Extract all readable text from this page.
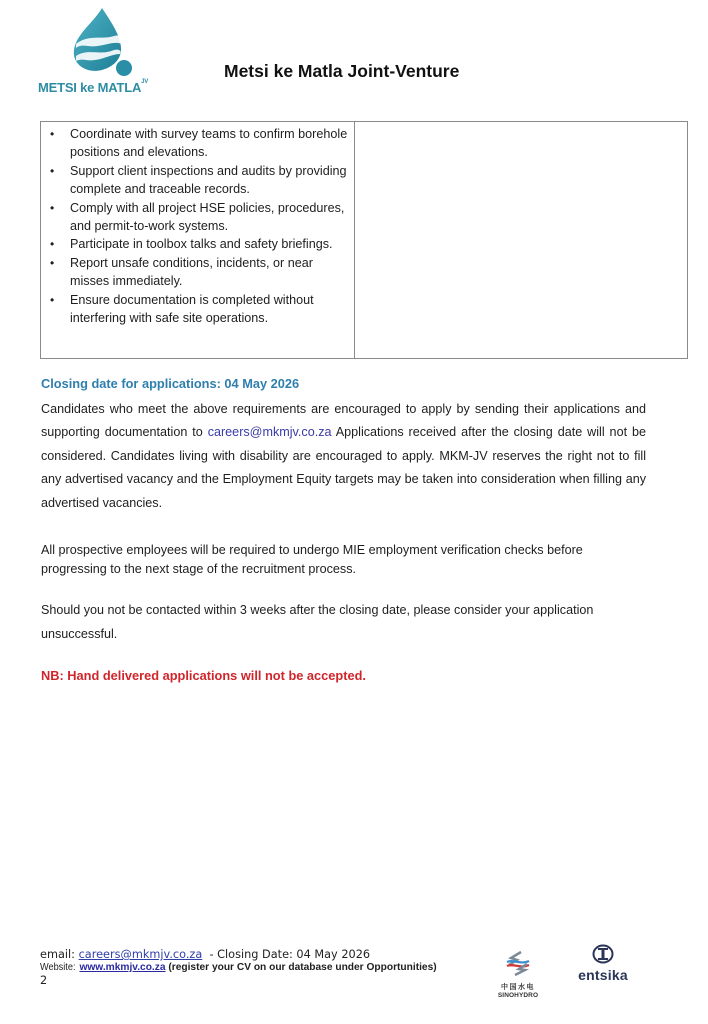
METSI ke $MATLA^{JV}$
Metsi ke Matla Joint-Venture
• Coordinate with survey teams to confirm borehole positions and elevations.
• Support client inspections and audits by providing complete and traceable records.
• Comply with all project HSE policies, procedures, and permit-to-work systems.
• Participate in toolbox talks and safety briefings.
• Report unsafe conditions, incidents, or near misses immediately.
• Ensure documentation is completed without interfering with safe site operations.
Closing date for applications: 04 May 2026
Candidates who meet the above requirements are encouraged to apply by sending their applications and supporting documentation to careers@mkmjv.co.za Applications received after the closing date will not be considered. Candidates living with disability are encouraged to apply. MKM-JV reserves the right not to fill any advertised vacancy and the Employment Equity targets may be taken into consideration when filling any advertised vacancies.
All prospective employees will be required to undergo MIE employment verification checks before progressing to the next stage of the recruitment process.
Should you not be contacted within 3 weeks after the closing date, please consider your application unsuccessful.
NB: Hand delivered applications will not be accepted.
email: careers@mkmjv.co.za  - Closing Date: 04 May 2026
Website:www.mkmjv.co.za (register your CV on our database under Opportunities)
2
中国水电
SINOHYDRO
entsika
